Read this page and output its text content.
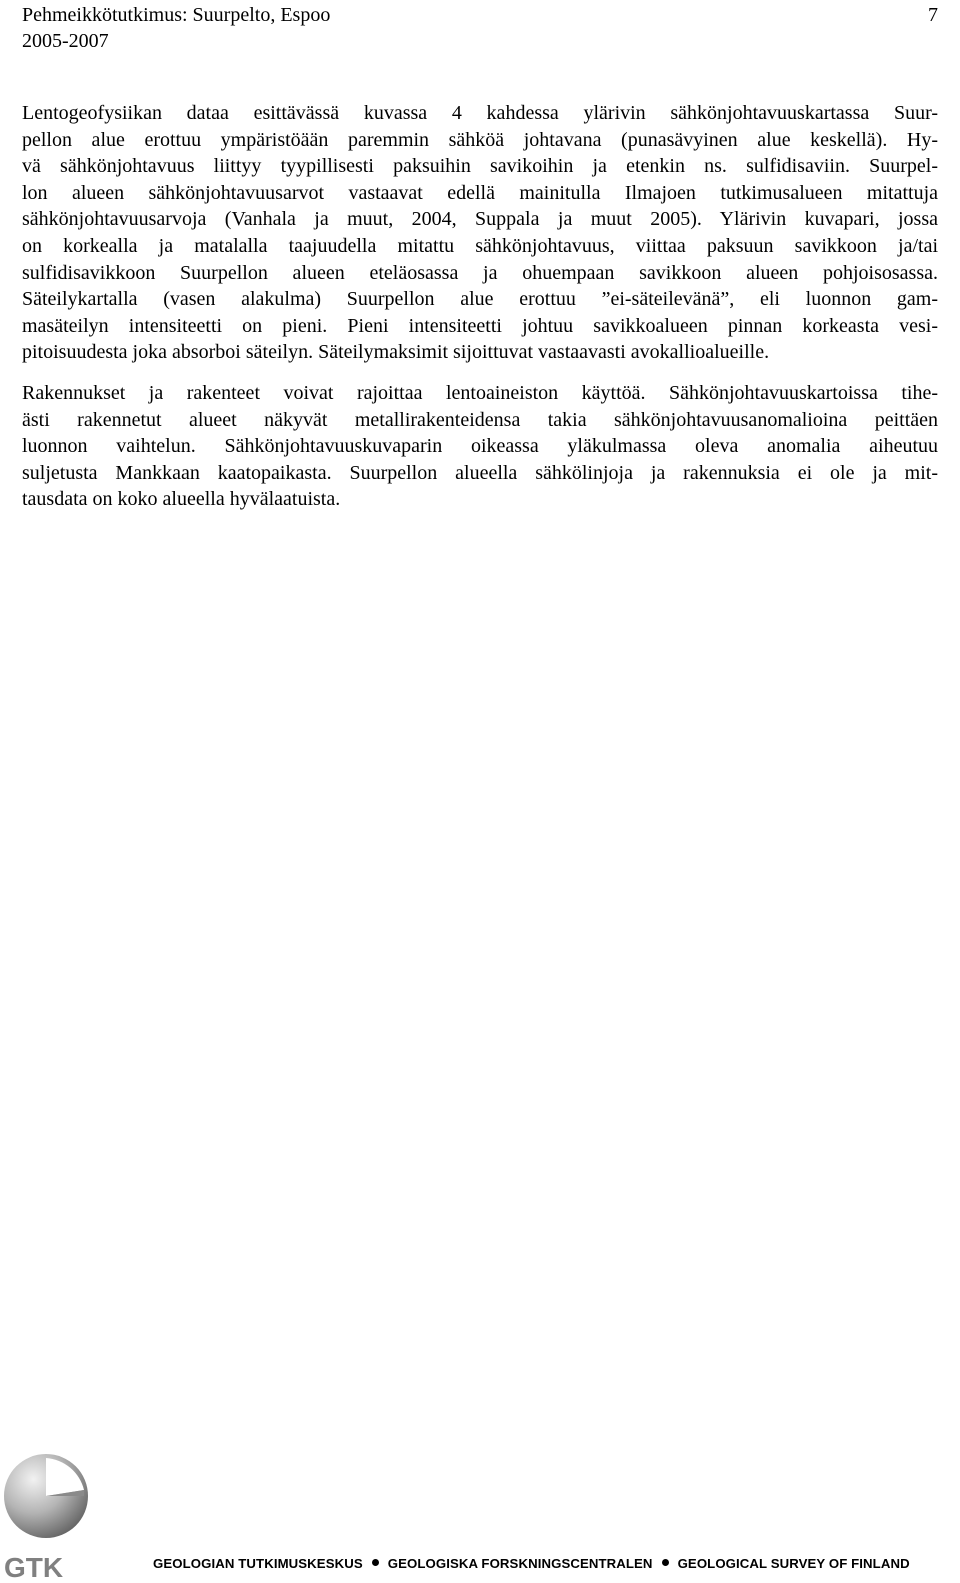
Pehmeikkötutkimus: Suurpelto, Espoo	7
2005-2007

Lentogeofysiikan dataa esittävässä kuvassa 4 kahdessa ylärivin sähkönjohtavuuskartassa Suur-
pellon alue erottuu ympäristöään paremmin sähköä johtavana (punasävyinen alue keskellä). Hy-
vä sähkönjohtavuus liittyy tyypillisesti paksuihin savikoihin ja etenkin ns. sulfidisaviin. Suurpel-
lon alueen sähkönjohtavuusarvot vastaavat edellä mainitulla Ilmajoen tutkimusalueen mitattuja
sähkönjohtavuusarvoja (Vanhala ja muut, 2004, Suppala ja muut 2005). Ylärivin kuvapari, jossa
on korkealla ja matalalla taajuudella mitattu sähkönjohtavuus, viittaa paksuun savikkoon ja/tai
sulfidisavikkoon Suurpellon alueen eteläosassa ja ohuempaan savikkoon alueen pohjoisosassa.
Säteilykartalla (vasen alakulma) Suurpellon alue erottuu ”ei-säteilevänä”, eli luonnon gam-
masäteilyn intensiteetti on pieni. Pieni intensiteetti johtuu savikkoalueen pinnan korkeasta vesi-
pitoisuudesta joka absorboi säteilyn. Säteilymaksimit sijoittuvat vastaavasti avokallioalueille.

Rakennukset ja rakenteet voivat rajoittaa lentoaineiston käyttöä. Sähkönjohtavuuskartoissa tihe-
ästi rakennetut alueet näkyvät metallirakenteidensa takia sähkönjohtavuusanomalioina peittäen
luonnon vaihtelun. Sähkönjohtavuuskuvaparin oikeassa yläkulmassa oleva anomalia aiheutuu
suljetusta Mankkaan kaatopaikasta. Suurpellon alueella sähkölinjoja ja rakennuksia ei ole ja mit-
tausdata on koko alueella hyvälaatuista.

GTK	GEOLOGIAN TUTKIMUSKESKUS GEOLOGISKA FORSKNINGSCENTRALEN GEOLOGICAL SURVEY OF FINLAND
